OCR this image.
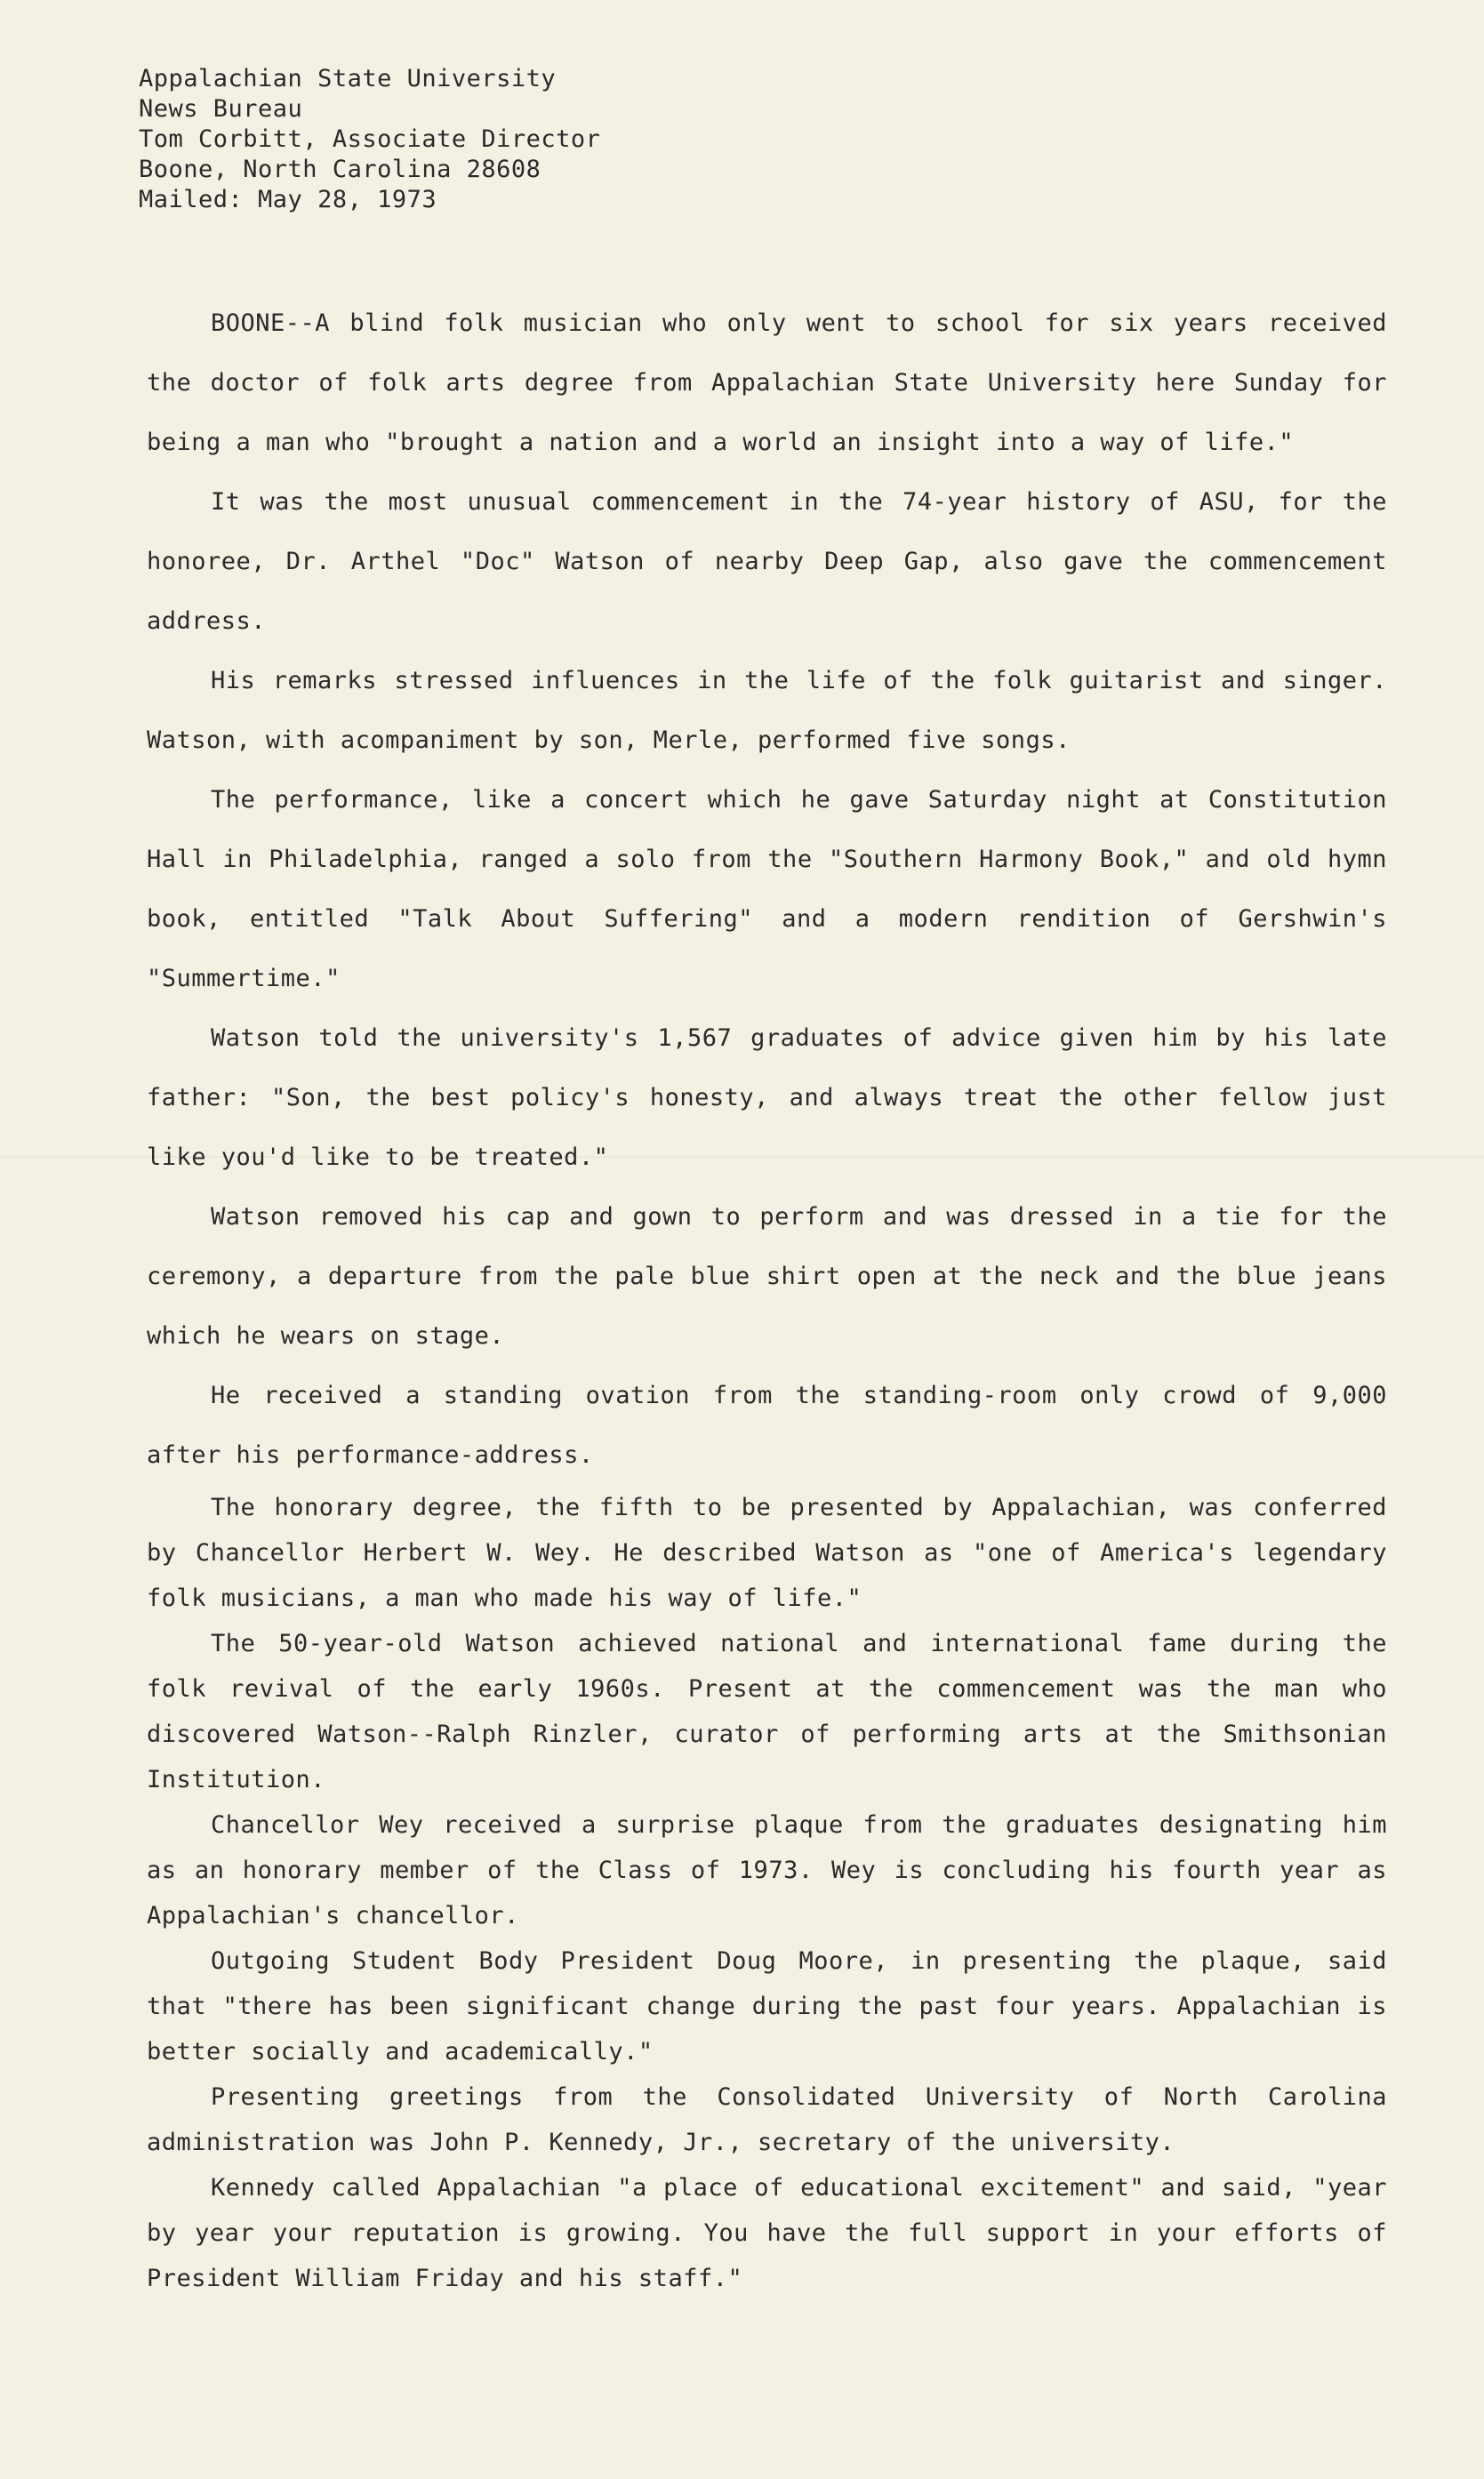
Appalachian State University
News Bureau
Tom Corbitt, Associate Director
Boone, North Carolina 28608
Mailed: May 28, 1973

BOONE--A blind folk musician who only went to school for six years received the doctor of folk arts degree from Appalachian State University here Sunday for being a man who "brought a nation and a world an insight into a way of life."

It was the most unusual commencement in the 74-year history of ASU, for the honoree, Dr. Arthel "Doc" Watson of nearby Deep Gap, also gave the commencement address.

His remarks stressed influences in the life of the folk guitarist and singer. Watson, with acompaniment by son, Merle, performed five songs.

The performance, like a concert which he gave Saturday night at Constitution Hall in Philadelphia, ranged a solo from the "Southern Harmony Book," and old hymn book, entitled "Talk About Suffering" and a modern rendition of Gershwin's "Summertime."

Watson told the university's 1,567 graduates of advice given him by his late father: "Son, the best policy's honesty, and always treat the other fellow just like you'd like to be treated."

Watson removed his cap and gown to perform and was dressed in a tie for the ceremony, a departure from the pale blue shirt open at the neck and the blue jeans which he wears on stage.

He received a standing ovation from the standing-room only crowd of 9,000 after his performance-address.

The honorary degree, the fifth to be presented by Appalachian, was conferred by Chancellor Herbert W. Wey. He described Watson as "one of America's legendary folk musicians, a man who made his way of life."

The 50-year-old Watson achieved national and international fame during the folk revival of the early 1960s. Present at the commencement was the man who discovered Watson--Ralph Rinzler, curator of performing arts at the Smithsonian Institution.

Chancellor Wey received a surprise plaque from the graduates designating him as an honorary member of the Class of 1973. Wey is concluding his fourth year as Appalachian's chancellor.

Outgoing Student Body President Doug Moore, in presenting the plaque, said that "there has been significant change during the past four years. Appalachian is better socially and academically."

Presenting greetings from the Consolidated University of North Carolina administration was John P. Kennedy, Jr., secretary of the university.

Kennedy called Appalachian "a place of educational excitement" and said, "year by year your reputation is growing. You have the full support in your efforts of President William Friday and his staff."
